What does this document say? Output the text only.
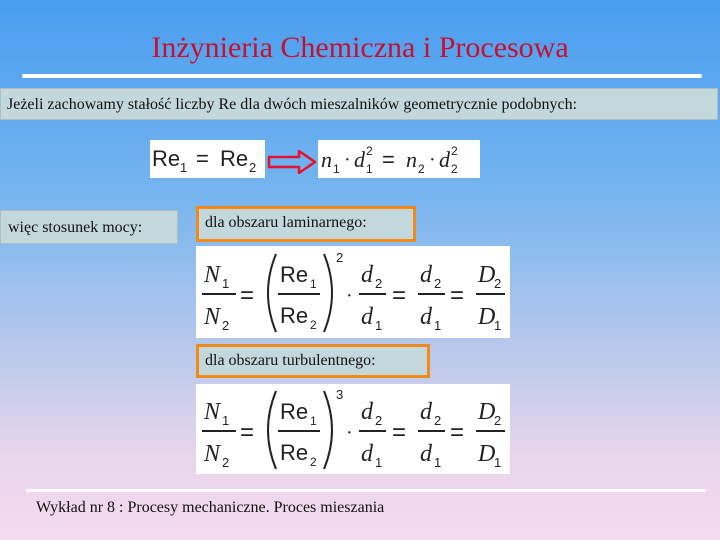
Inżynieria Chemiczna i Procesowa
Jeżeli zachowamy stałość liczby Re dla dwóch mieszalników geometrycznie podobnych:
Re 1 = Re 2	n 1 · d 1
2 = n 2 · d 2
2
więc stosunek mocy:	dla obszaru laminarnego:
N 1
N 2
=
Re 1
Re 2
2
·
d 2
d 1
=
d 2
d 1
=
D
2
D
1
dla obszaru turbulentnego:
N 1
N 2
=
Re 1
Re 2
3
·
d 2
d 1
=
d 2
d 1
=
D
2
D
1
Wykład nr 8 : Procesy mechaniczne. Proces mieszania
